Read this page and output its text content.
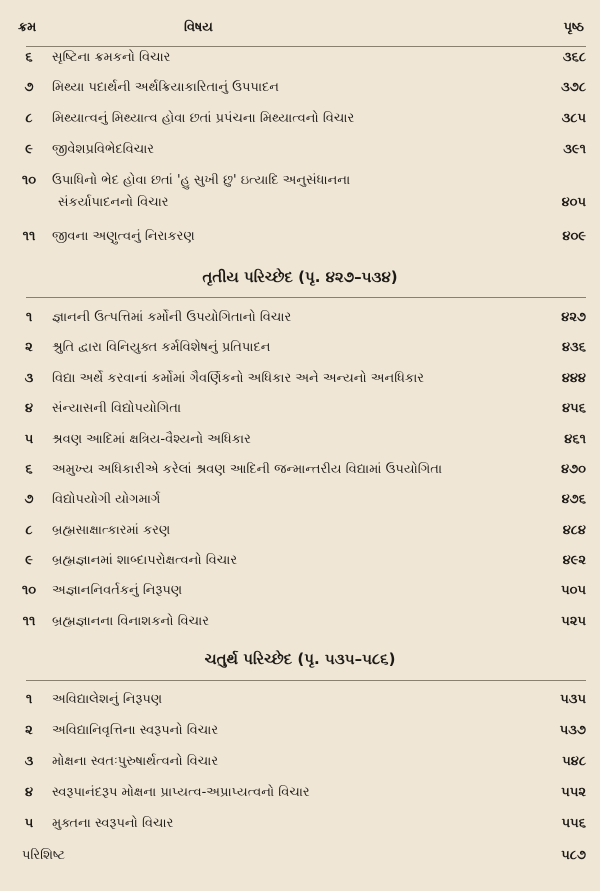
ક્રમ	વિષય	પૃષ્ઠ
૬	સૃષ્ટિના ક્રમકનો વિચાર	૩૬૮
૭	મિથ્યા પદાર્થની અર્થક્રિયાકારિતાનું ઉપપાદન	૩૭૮
૮	મિથ્યાત્વનું મિથ્યાત્વ હોવા છતાં પ્રપંચના મિથ્યાત્વનો વિચાર	૩૮૫
૯	જીવેશપ્રવિભેદવિચાર	૩૯૧
૧૦	ઉપાધિનો ભેદ હોવા છતાં 'હુ સુખી છુ' ઇત્યાદિ અનુસંધાનના
સંકર્યાપાદનનો વિચાર	૪૦૫
૧૧	જીવના અણુત્વનું નિરાકરણ	૪૦૯
તૃતીય પરિચ્છેદ (પૃ. ૪૨૭–૫૩૪)
૧	જ્ઞાનની ઉત્પત્તિમાં કર્મોની ઉપયોગિતાનો વિચાર	૪૨૭
૨	શ્રુતિ દ્વારા વિનિયુક્ત કર્મવિશેષનું પ્રતિપાદન	૪૩૬
૩	વિદ્યા અર્થે કરવાનાં કર્મોમાં ગૈવર્ણિકનો અધિકાર અને અન્યનો અનધિકાર	૪૪૪
૪	સંન્યાસની વિદ્યોપયોગિતા	૪૫૬
૫	શ્રવણ આદિમાં ક્ષત્રિય-વૈશ્યનો અધિકાર	૪૬૧
૬	અમુખ્ય અધિકારીએ કરેલાં શ્રવણ આદિની જન્માન્તરીય વિદ્યામાં ઉપયોગિતા	૪૭૦
૭	વિદ્યોપયોગી યોગમાર્ગ	૪૭૬
૮	બ્રહ્મસાક્ષાત્કારમાં કરણ	૪૮૪
૯	બ્રહ્મજ્ઞાનમાં શાબ્દાપરોક્ષત્વનો વિચાર	૪૯૨
૧૦	અજ્ઞાનનિવર્તકનું નિરૂપણ	૫૦૫
૧૧	બ્રહ્મજ્ઞાનના વિનાશકનો વિચાર	૫૨૫
ચતુર્થ પરિચ્છેદ (પૃ. ૫૩૫–૫૮૬)
૧	અવિદ્યાલેશનું નિરૂપણ	૫૩૫
૨	અવિદ્યાનિવૃત્તિના સ્વરૂપનો વિચાર	૫૩૭
૩	મોક્ષના સ્વતઃપુરુષાર્થત્વનો વિચાર	૫૪૮
૪	સ્વરૂપાનંદરૂપ મોક્ષના પ્રાપ્યત્વ-અપ્રાપ્યત્વનો વિચાર	૫૫૨
૫	મુક્તના સ્વરૂપનો વિચાર	૫૫૬
પરિશિષ્ટ	૫૮૭
